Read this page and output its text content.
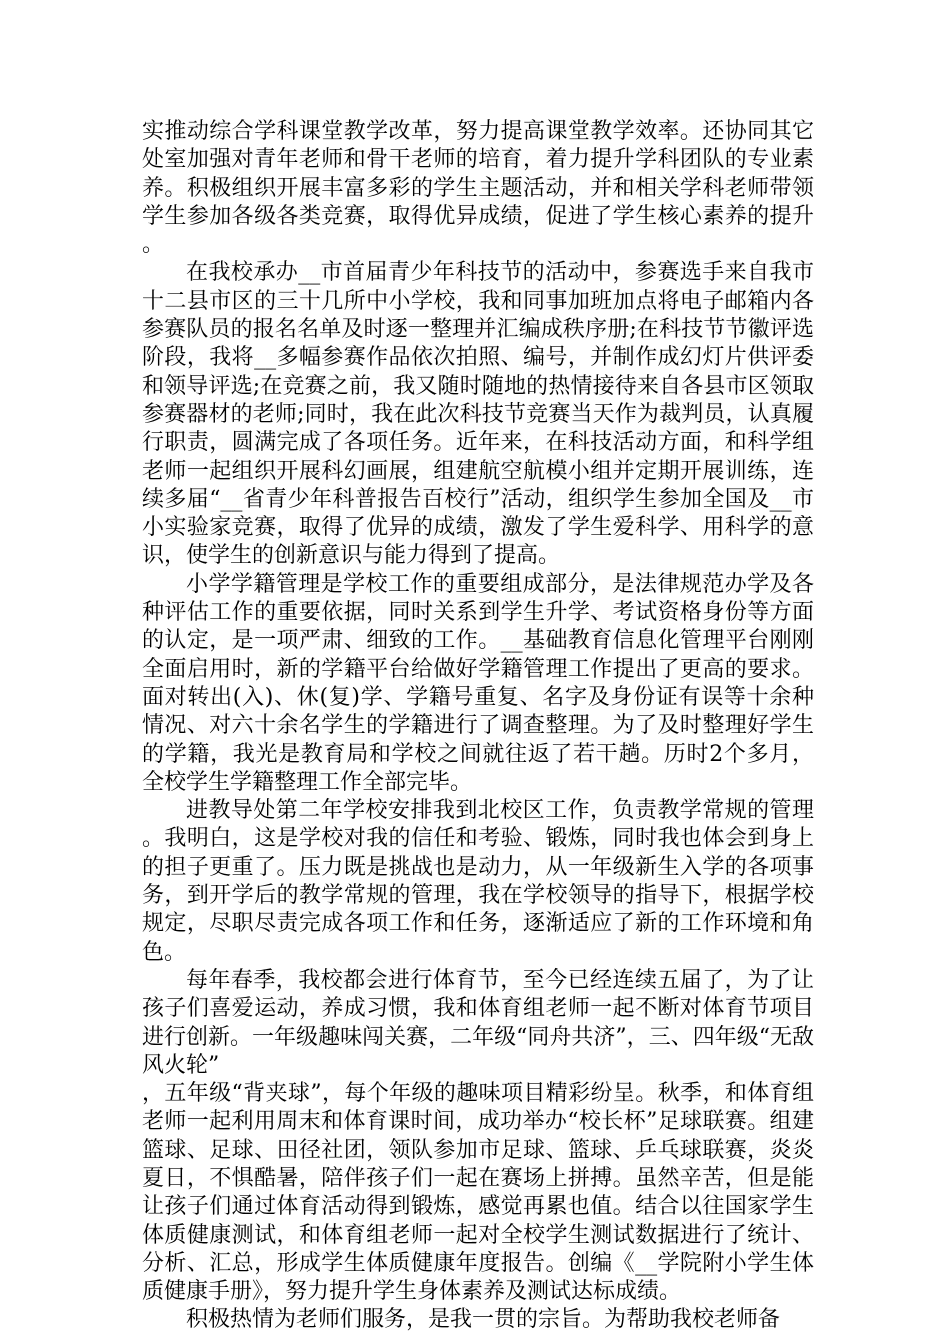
实推动综合学科课堂教学改革，努力提高课堂教学效率。还协同其它处室加强对青年老师和骨干老师的培育，着力提升学科团队的专业素养。积极组织开展丰富多彩的学生主题活动，并和相关学科老师带领学生参加各级各类竞赛，取得优异成绩，促进了学生核心素养的提升。

在我校承办__市首届青少年科技节的活动中，参赛选手来自我市十二县市区的三十几所中小学校，我和同事加班加点将电子邮箱内各参赛队员的报名名单及时逐一整理并汇编成秩序册;在科技节节徽评选阶段，我将__多幅参赛作品依次拍照、编号，并制作成幻灯片供评委和领导评选;在竞赛之前，我又随时随地的热情接待来自各县市区领取参赛器材的老师;同时，我在此次科技节竞赛当天作为裁判员，认真履行职责，圆满完成了各项任务。近年来，在科技活动方面，和科学组老师一起组织开展科幻画展，组建航空航模小组并定期开展训练，连续多届“__省青少年科普报告百校行”活动，组织学生参加全国及__市小实验家竞赛，取得了优异的成绩，激发了学生爱科学、用科学的意识，使学生的创新意识与能力得到了提高。

小学学籍管理是学校工作的重要组成部分，是法律规范办学及各种评估工作的重要依据，同时关系到学生升学、考试资格身份等方面的认定，是一项严肃、细致的工作。__基础教育信息化管理平台刚刚全面启用时，新的学籍平台给做好学籍管理工作提出了更高的要求。面对转出(入)、休(复)学、学籍号重复、名字及身份证有误等十余种情况、对六十余名学生的学籍进行了调查整理。为了及时整理好学生的学籍，我光是教育局和学校之间就往返了若干趟。历时2个多月，全校学生学籍整理工作全部完毕。

进教导处第二年学校安排我到北校区工作，负责教学常规的管理。我明白，这是学校对我的信任和考验、锻炼，同时我也体会到身上的担子更重了。压力既是挑战也是动力，从一年级新生入学的各项事务，到开学后的教学常规的管理，我在学校领导的指导下，根据学校规定，尽职尽责完成各项工作和任务，逐渐适应了新的工作环境和角色。

每年春季，我校都会进行体育节，至今已经连续五届了，为了让孩子们喜爱运动，养成习惯，我和体育组老师一起不断对体育节项目进行创新。一年级趣味闯关赛，二年级“同舟共济”，三、四年级“无敌风火轮”

，五年级“背夹球”，每个年级的趣味项目精彩纷呈。秋季，和体育组老师一起利用周末和体育课时间，成功举办“校长杯”足球联赛。组建篮球、足球、田径社团，领队参加市足球、篮球、乒乓球联赛，炎炎夏日，不惧酷暑，陪伴孩子们一起在赛场上拼搏。虽然辛苦，但是能让孩子们通过体育活动得到锻炼，感觉再累也值。结合以往国家学生体质健康测试，和体育组老师一起对全校学生测试数据进行了统计、分析、汇总，形成学生体质健康年度报告。创编《__学院附小学生体质健康手册》，努力提升学生身体素养及测试达标成绩。

积极热情为老师们服务，是我一贯的宗旨。为帮助我校老师备
